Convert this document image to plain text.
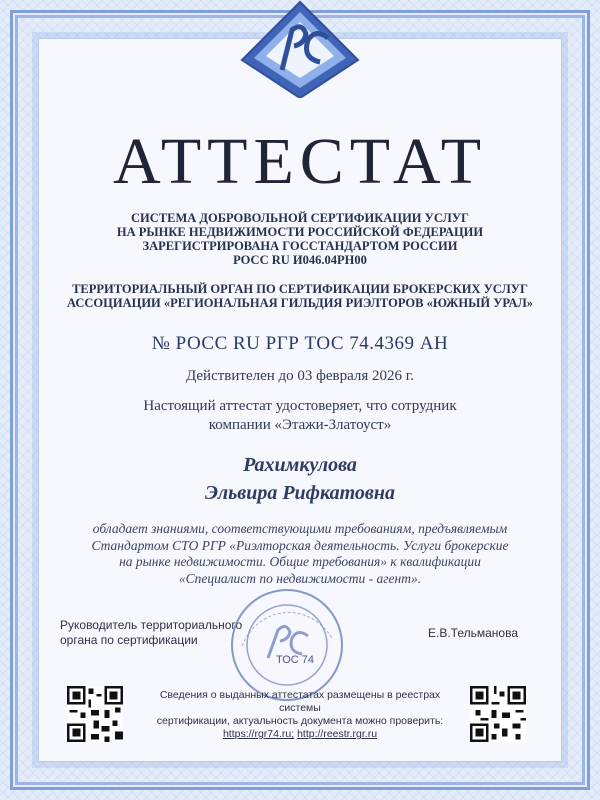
АТТЕСТАТ
СИСТЕМА ДОБРОВОЛЬНОЙ СЕРТИФИКАЦИИ УСЛУГ
НА РЫНКЕ НЕДВИЖИМОСТИ РОССИЙСКОЙ ФЕДЕРАЦИИ
ЗАРЕГИСТРИРОВАНА ГОССТАНДАРТОМ РОССИИ
РОСС RU И046.04РН00
ТЕРРИТОРИАЛЬНЫЙ ОРГАН ПО СЕРТИФИКАЦИИ БРОКЕРСКИХ УСЛУГ
АССОЦИАЦИИ «РЕГИОНАЛЬНАЯ ГИЛЬДИЯ РИЭЛТОРОВ «ЮЖНЫЙ УРАЛ»
№ РОСС RU РГР ТОС 74.4369 АН
Действителен до 03 февраля 2026 г.
Настоящий аттестат удостоверяет, что сотрудник
компании «Этажи-Златоуст»
Рахимкулова
Эльвира Рифкатовна
обладает знаниями, соответствующими требованиям, предъявляемым
Стандартом СТО РГР «Риэлторская деятельность. Услуги брокерские
на рынке недвижимости. Общие требования» к квалификации
«Специалист по недвижимости - агент».
Руководитель территориального
органа по сертификации
ТОС 74
Е.В.Тельманова
Сведения о выданных аттестатах размещены в реестрах системы
сертификации, актуальность документа можно проверить:
https://rgr74.ru; http://reestr.rgr.ru
